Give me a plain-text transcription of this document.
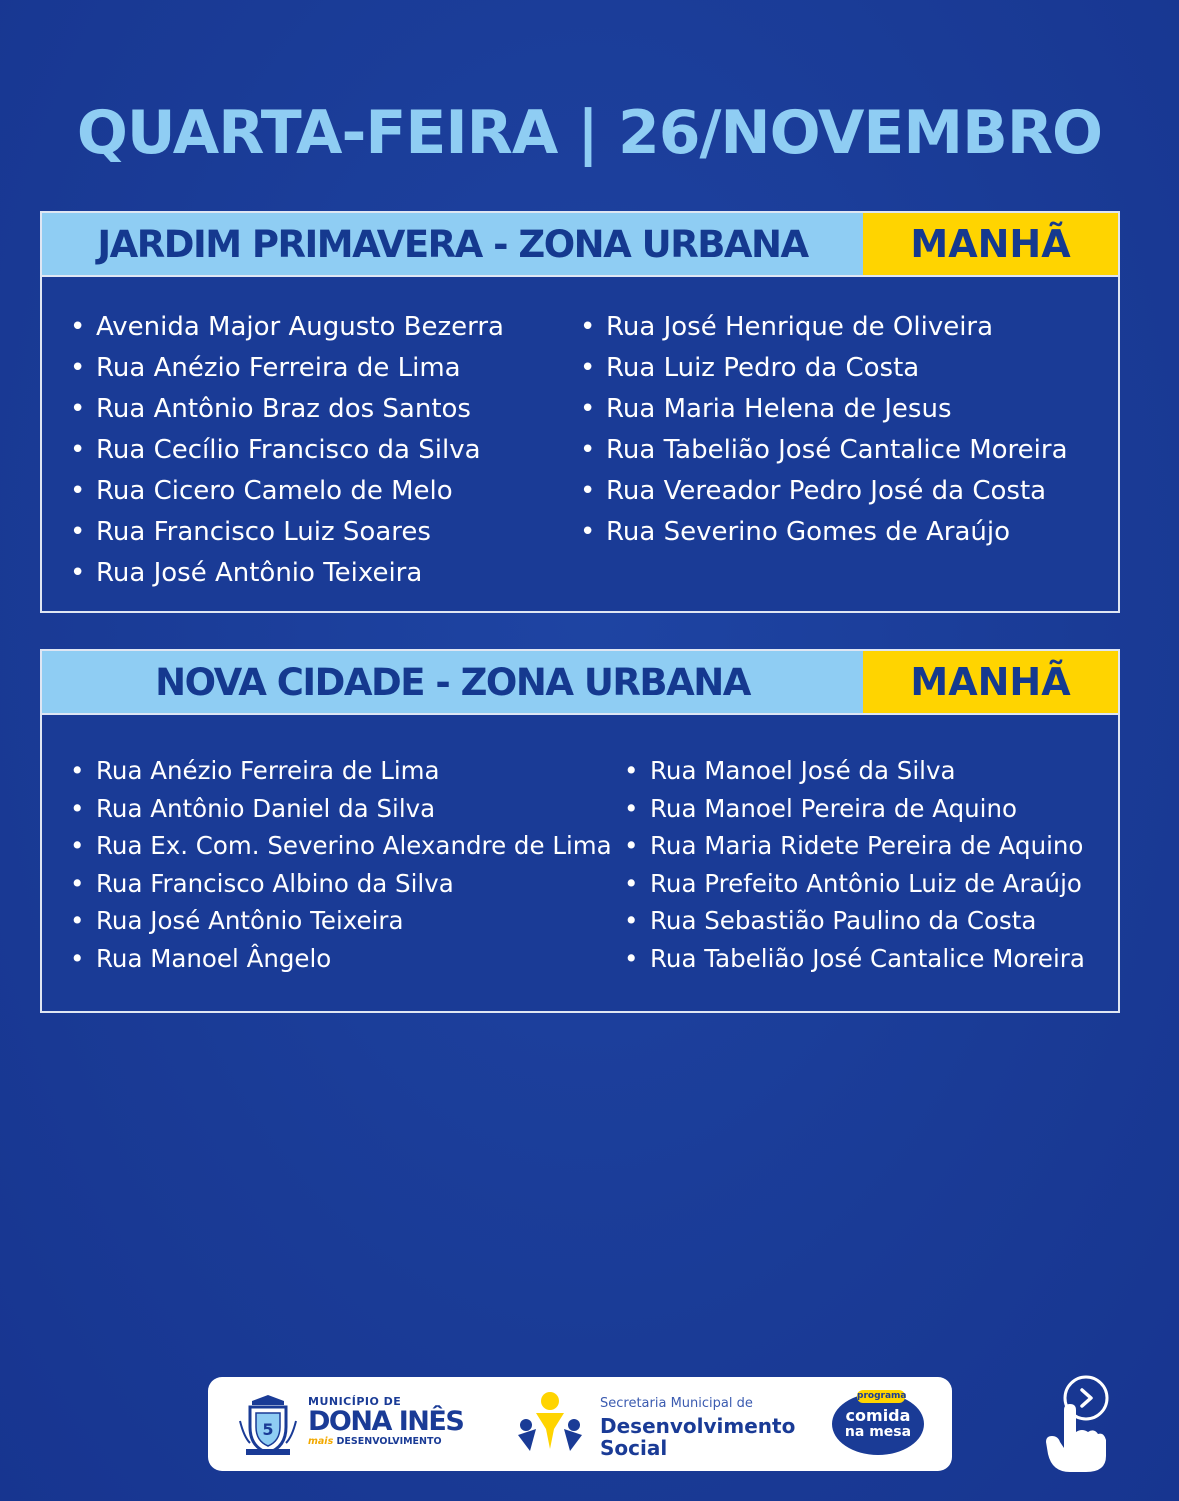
QUARTA-FEIRA | 26/NOVEMBRO
JARDIM PRIMAVERA - ZONA URBANA	MANHÃ
• Avenida Major Augusto Bezerra
• Rua Anézio Ferreira de Lima
• Rua Antônio Braz dos Santos
• Rua Cecílio Francisco da Silva
• Rua Cicero Camelo de Melo
• Rua Francisco Luiz Soares
• Rua José Antônio Teixeira
• Rua José Henrique de Oliveira
• Rua Luiz Pedro da Costa
• Rua Maria Helena de Jesus
• Rua Tabelião José Cantalice Moreira
• Rua Vereador Pedro José da Costa
• Rua Severino Gomes de Araújo
NOVA CIDADE - ZONA URBANA	MANHÃ
• Rua Anézio Ferreira de Lima
• Rua Antônio Daniel da Silva
• Rua Ex. Com. Severino Alexandre de Lima
• Rua Francisco Albino da Silva
• Rua José Antônio Teixeira
• Rua Manoel Ângelo
• Rua Manoel José da Silva
• Rua Manoel Pereira de Aquino
• Rua Maria Ridete Pereira de Aquino
• Rua Prefeito Antônio Luiz de Araújo
• Rua Sebastião Paulino da Costa
• Rua Tabelião José Cantalice Moreira
5
MUNICÍPIO DE
DONA INÊS
mais DESENVOLVIMENTO
Secretaria Municipal de
Desenvolvimento
Social
programa
comida
na mesa
